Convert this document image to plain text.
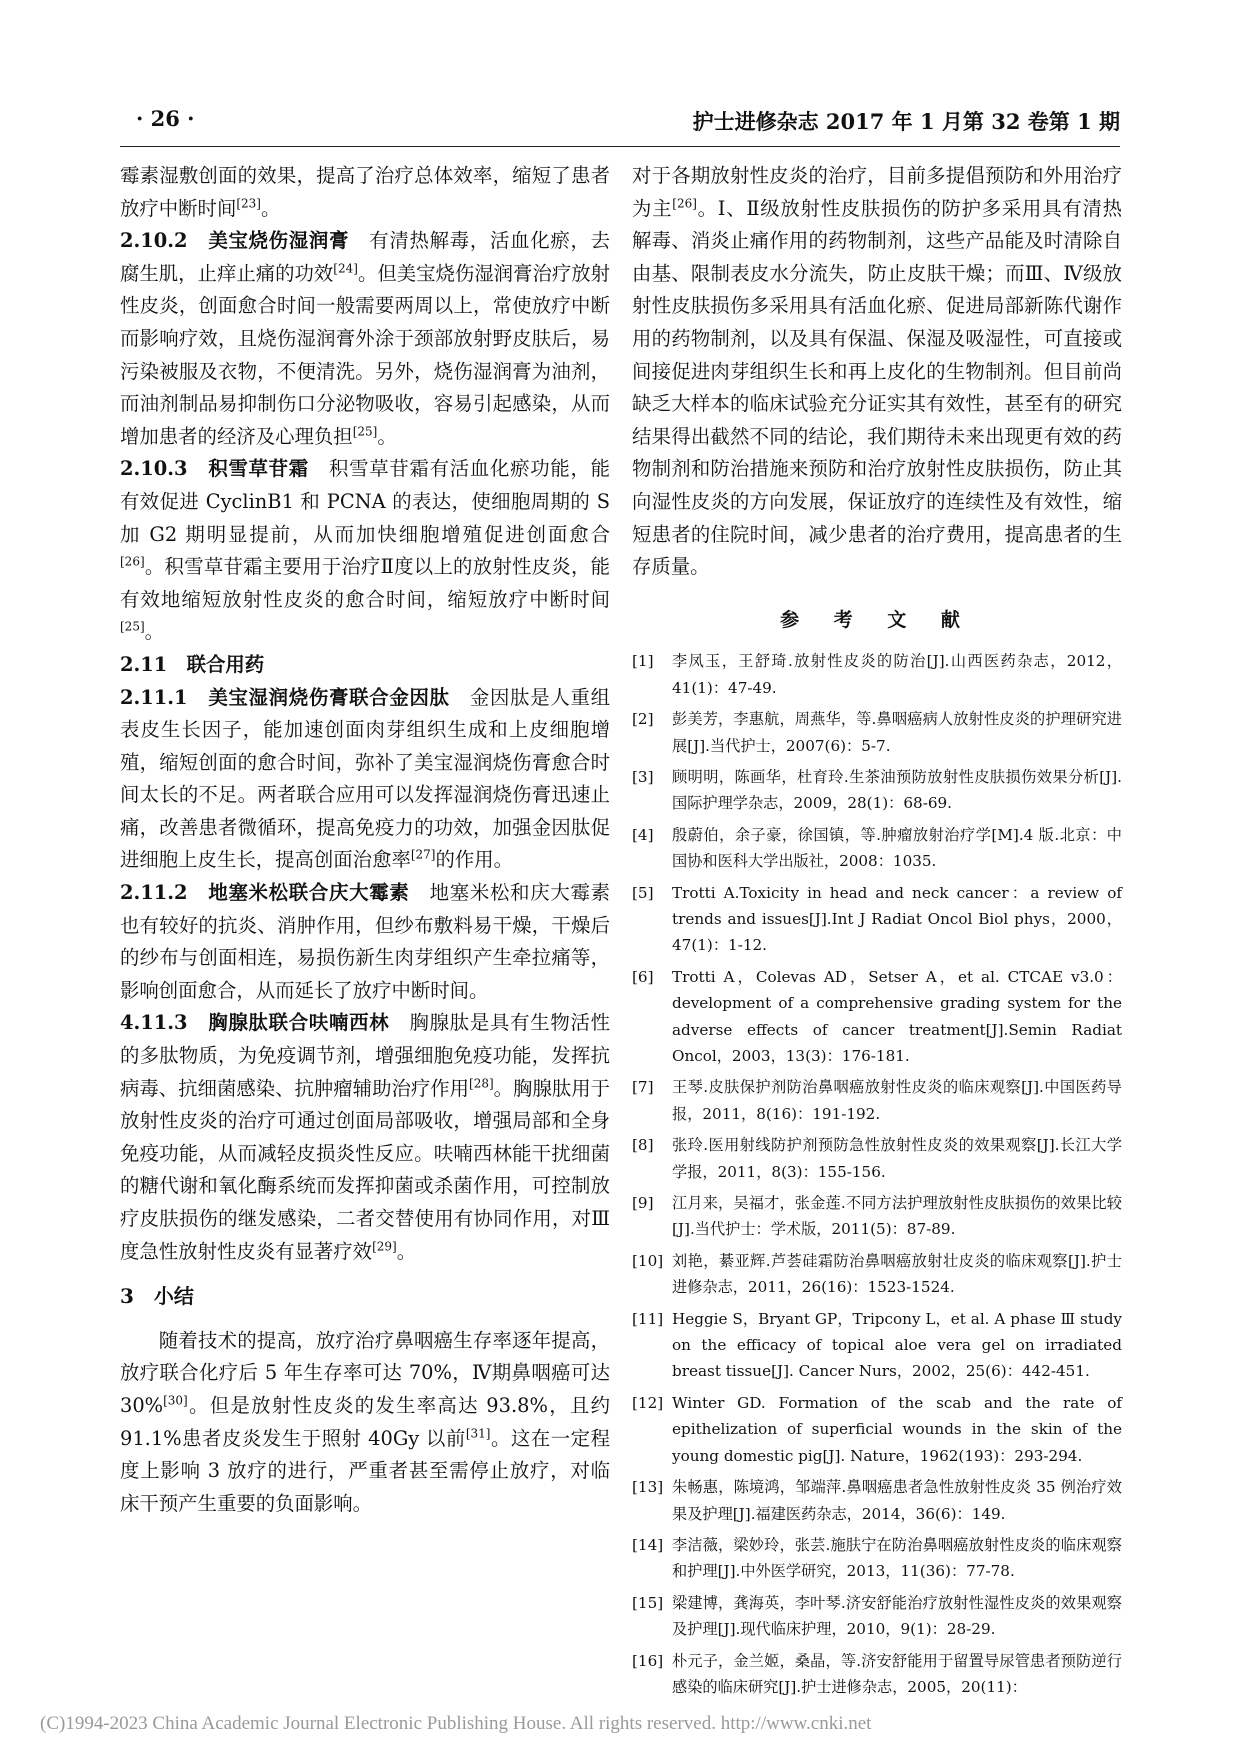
· 26 ·	护士进修杂志 2017 年 1 月第 32 卷第 1 期

霉素湿敷创面的效果，提高了治疗总体效率，缩短了患者放疗中断时间[23]。

2.10.2　美宝烧伤湿润膏　有清热解毒，活血化瘀，去腐生肌，止痒止痛的功效[24]。但美宝烧伤湿润膏治疗放射性皮炎，创面愈合时间一般需要两周以上，常使放疗中断而影响疗效，且烧伤湿润膏外涂于颈部放射野皮肤后，易污染被服及衣物，不便清洗。另外，烧伤湿润膏为油剂，而油剂制品易抑制伤口分泌物吸收，容易引起感染，从而增加患者的经济及心理负担[25]。

2.10.3　积雪草苷霜　积雪草苷霜有活血化瘀功能，能有效促进 CyclinB1 和 PCNA 的表达，使细胞周期的 S 加 G2 期明显提前，从而加快细胞增殖促进创面愈合[26]。积雪草苷霜主要用于治疗Ⅱ度以上的放射性皮炎，能有效地缩短放射性皮炎的愈合时间，缩短放疗中断时间[25]。

2.11　联合用药

2.11.1　美宝湿润烧伤膏联合金因肽　金因肽是人重组表皮生长因子，能加速创面肉芽组织生成和上皮细胞增殖，缩短创面的愈合时间，弥补了美宝湿润烧伤膏愈合时间太长的不足。两者联合应用可以发挥湿润烧伤膏迅速止痛，改善患者微循环，提高免疫力的功效，加强金因肽促进细胞上皮生长，提高创面治愈率[27]的作用。

2.11.2　地塞米松联合庆大霉素　地塞米松和庆大霉素也有较好的抗炎、消肿作用，但纱布敷料易干燥，干燥后的纱布与创面相连，易损伤新生肉芽组织产生牵拉痛等，影响创面愈合，从而延长了放疗中断时间。

4.11.3　胸腺肽联合呋喃西林　胸腺肽是具有生物活性的多肽物质，为免疫调节剂，增强细胞免疫功能，发挥抗病毒、抗细菌感染、抗肿瘤辅助治疗作用[28]。胸腺肽用于放射性皮炎的治疗可通过创面局部吸收，增强局部和全身免疫功能，从而减轻皮损炎性反应。呋喃西林能干扰细菌的糖代谢和氧化酶系统而发挥抑菌或杀菌作用，可控制放疗皮肤损伤的继发感染，二者交替使用有协同作用，对Ⅲ度急性放射性皮炎有显著疗效[29]。

3　小结

随着技术的提高，放疗治疗鼻咽癌生存率逐年提高，放疗联合化疗后 5 年生存率可达 70%，Ⅳ期鼻咽癌可达 30%[30]。但是放射性皮炎的发生率高达 93.8%，且约 91.1%患者皮炎发生于照射 40Gy 以前[31]。这在一定程度上影响 3 放疗的进行，严重者甚至需停止放疗，对临床干预产生重要的负面影响。

对于各期放射性皮炎的治疗，目前多提倡预防和外用治疗为主[26]。Ⅰ、Ⅱ级放射性皮肤损伤的防护多采用具有清热解毒、消炎止痛作用的药物制剂，这些产品能及时清除自由基、限制表皮水分流失，防止皮肤干燥；而Ⅲ、Ⅳ级放射性皮肤损伤多采用具有活血化瘀、促进局部新陈代谢作用的药物制剂，以及具有保温、保湿及吸湿性，可直接或间接促进肉芽组织生长和再上皮化的生物制剂。但目前尚缺乏大样本的临床试验充分证实其有效性，甚至有的研究结果得出截然不同的结论，我们期待未来出现更有效的药物制剂和防治措施来预防和治疗放射性皮肤损伤，防止其向湿性皮炎的方向发展，保证放疗的连续性及有效性，缩短患者的住院时间，减少患者的治疗费用，提高患者的生存质量。

参 考 文 献

[1]	李凤玉，王舒琦.放射性皮炎的防治[J].山西医药杂志，2012，41(1)：47-49.

[2]	彭美芳，李惠航，周燕华，等.鼻咽癌病人放射性皮炎的护理研究进展[J].当代护士，2007(6)：5-7.

[3]	顾明明，陈画华，杜育玲.生茶油预防放射性皮肤损伤效果分析[J].国际护理学杂志，2009，28(1)：68-69.

[4]	殷蔚伯，余子豪，徐国镇，等.肿瘤放射治疗学[M].4 版.北京：中国协和医科大学出版社，2008：1035.

[5]	Trotti A.Toxicity in head and neck cancer：a review of trends and issues[J].Int J Radiat Oncol Biol phys，2000，47(1)：1-12.

[6]	Trotti A，Colevas AD，Setser A，et al. CTCAE v3.0：development of a comprehensive grading system for the adverse effects of cancer treatment[J].Semin Radiat Oncol，2003，13(3)：176-181.

[7]	王琴.皮肤保护剂防治鼻咽癌放射性皮炎的临床观察[J].中国医药导报，2011，8(16)：191-192.

[8]	张玲.医用射线防护剂预防急性放射性皮炎的效果观察[J].长江大学学报，2011，8(3)：155-156.

[9]	江月来，吴福才，张金莲.不同方法护理放射性皮肤损伤的效果比较[J].当代护士：学术版，2011(5)：87-89.

[10] 刘艳，綦亚辉.芦荟硅霜防治鼻咽癌放射壮皮炎的临床观察[J].护士进修杂志，2011，26(16)：1523-1524.

[11] Heggie S，Bryant GP，Tripcony L，et al. A phase Ⅲ study on the efficacy of topical aloe vera gel on irradiated breast tissue[J]. Cancer Nurs，2002，25(6)：442-451.

[12] Winter GD. Formation of the scab and the rate of epithelization of superficial wounds in the skin of the young domestic pig[J]. Nature，1962(193)：293-294.

[13] 朱畅惠，陈境鸿，邹端萍.鼻咽癌患者急性放射性皮炎 35 例治疗效果及护理[J].福建医药杂志，2014，36(6)：149.

[14] 李洁薇，梁妙玲，张芸.施肤宁在防治鼻咽癌放射性皮炎的临床观察和护理[J].中外医学研究，2013，11(36)：77-78.

[15] 梁建博，龚海英，李叶琴.济安舒能治疗放射性湿性皮炎的效果观察及护理[J].现代临床护理，2010，9(1)：28-29.

[16] 朴元子，金兰姬，桑晶，等.济安舒能用于留置导尿管患者预防逆行感染的临床研究[J].护士进修杂志，2005，20(11)：

(C)1994-2023 China Academic Journal Electronic Publishing House. All rights reserved. http://www.cnki.net
